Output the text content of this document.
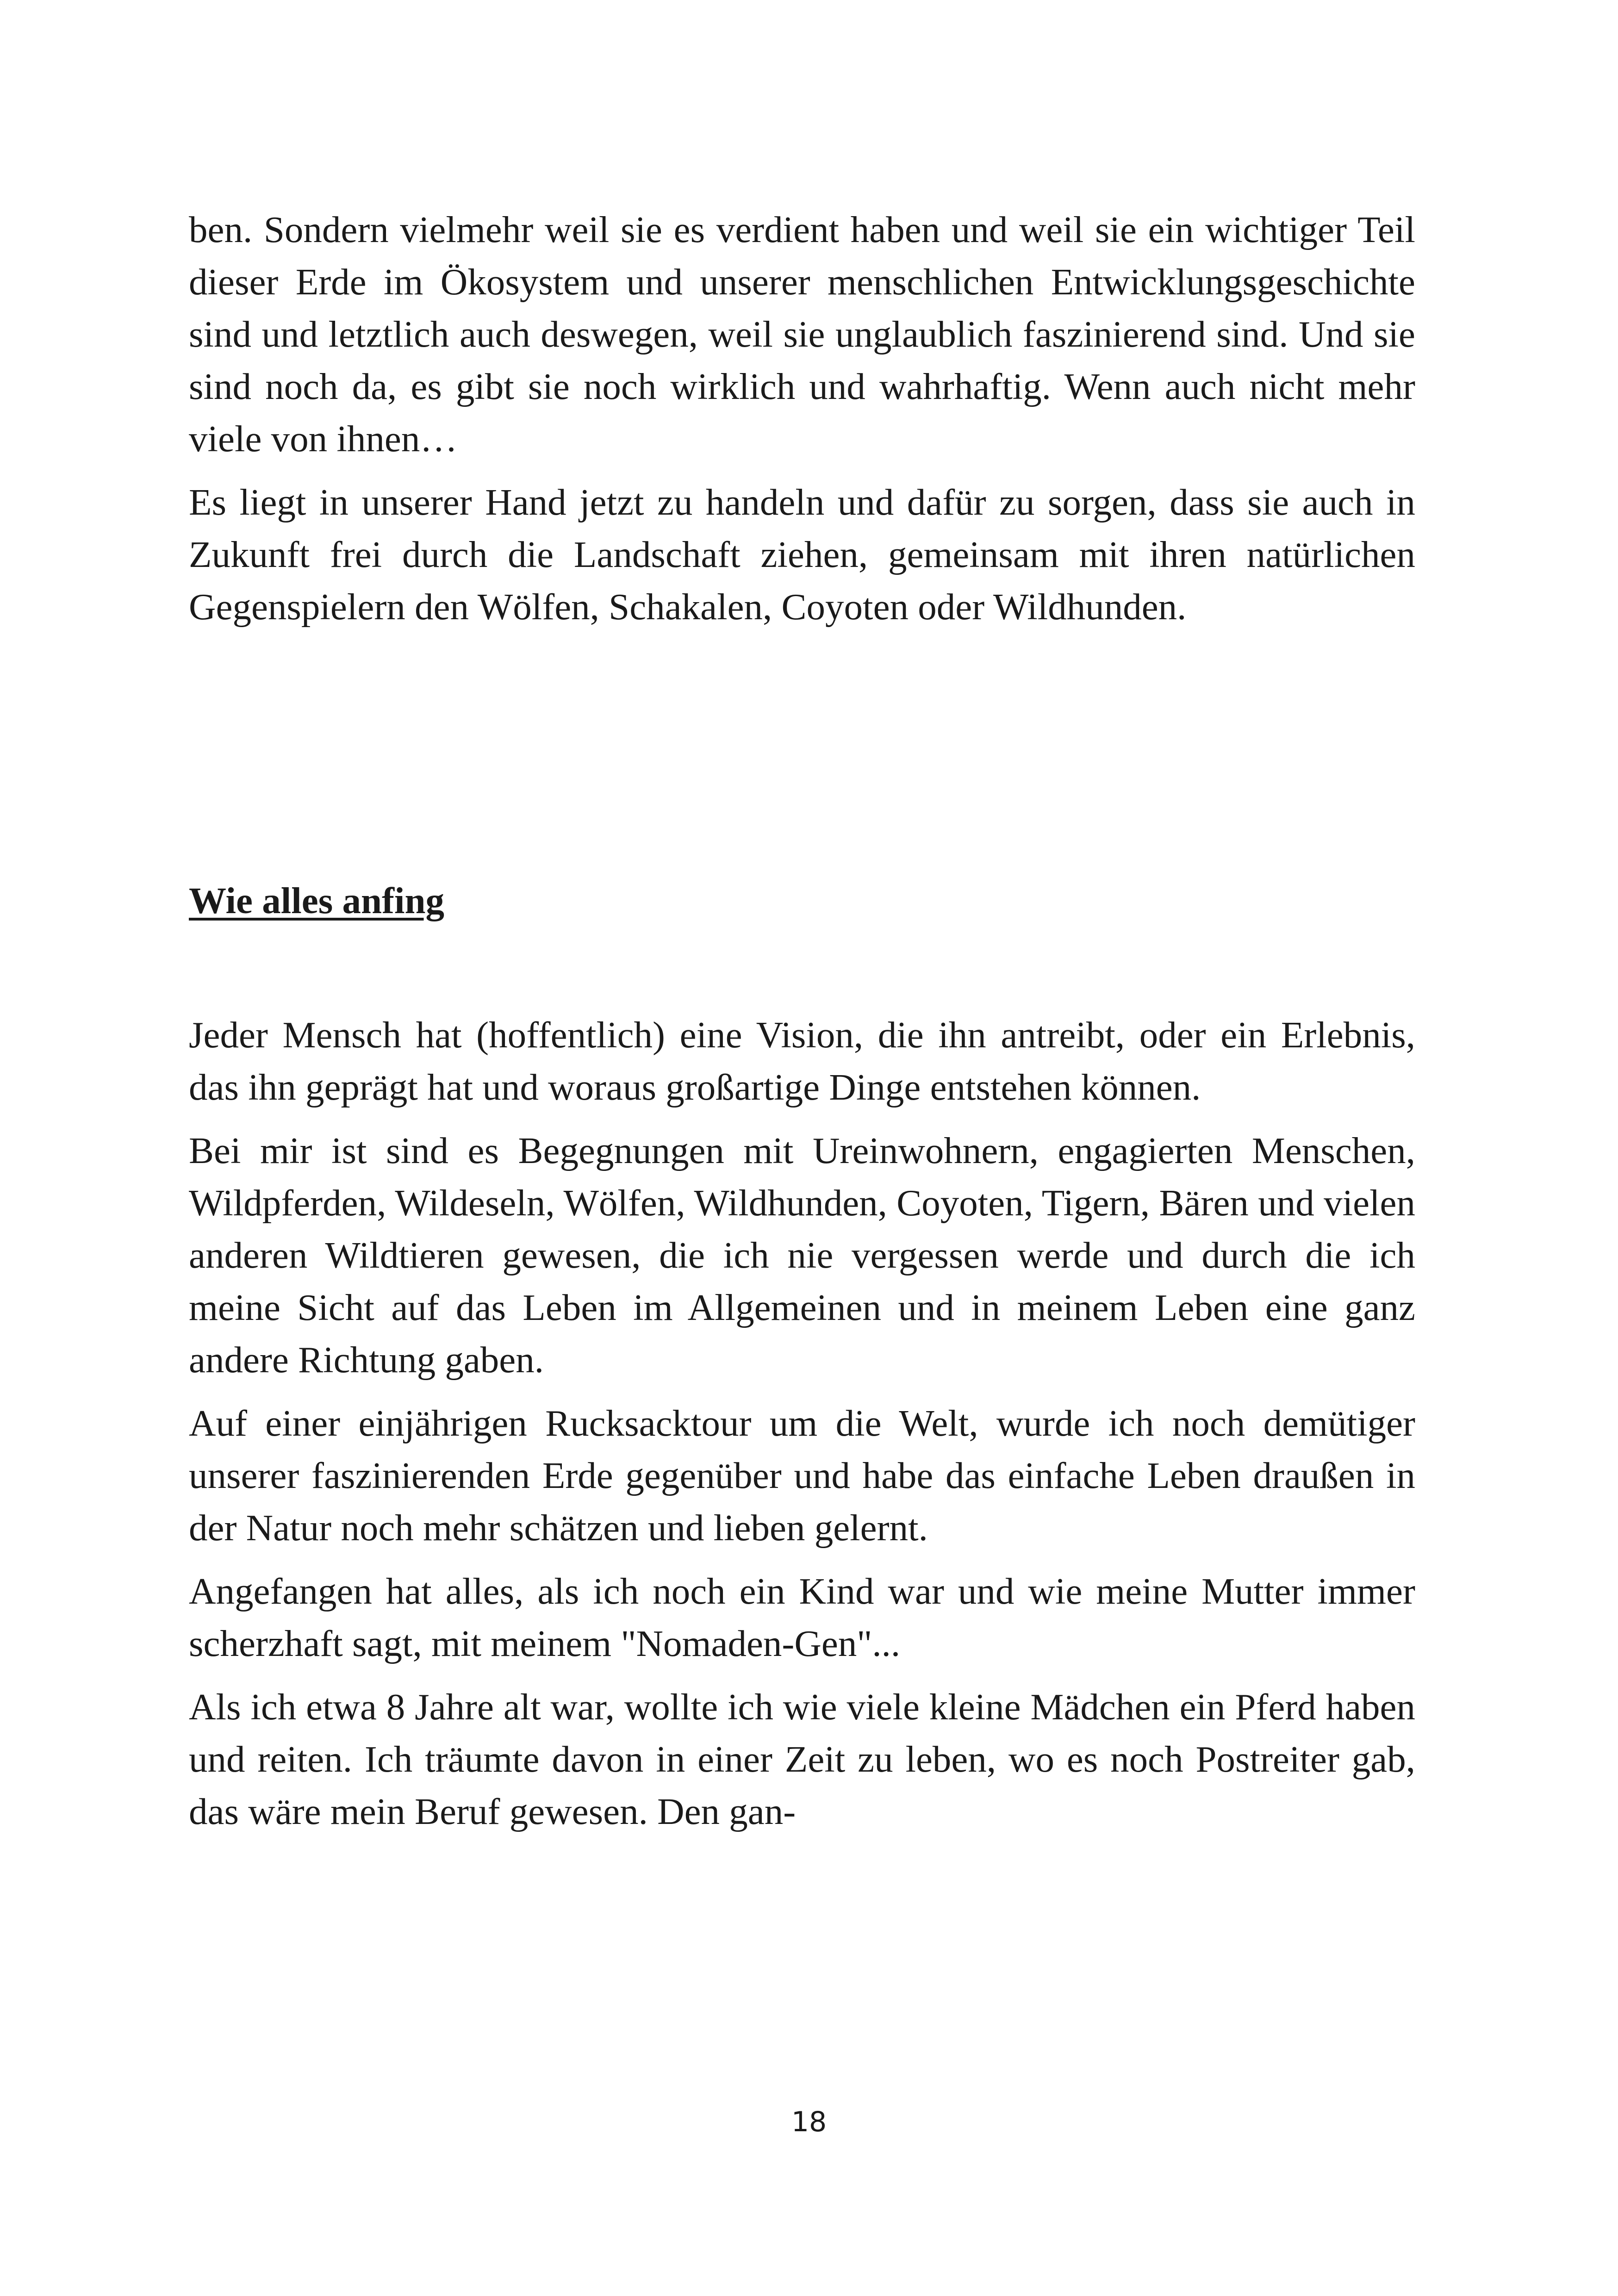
ben. Sondern vielmehr weil sie es verdient haben und weil sie ein wichtiger Teil dieser Erde im Ökosystem und unserer menschlichen Entwicklungsgeschichte sind und letztlich auch deswegen, weil sie unglaublich faszinierend sind. Und sie sind noch da, es gibt sie noch wirklich und wahrhaftig. Wenn auch nicht mehr viele von ihnen…

Es liegt in unserer Hand jetzt zu handeln und dafür zu sorgen, dass sie auch in Zukunft frei durch die Landschaft ziehen, gemeinsam mit ihren natürlichen Gegenspielern den Wölfen, Schakalen, Coyoten oder Wildhunden.

Wie alles anfing

Jeder Mensch hat (hoffentlich) eine Vision, die ihn antreibt, oder ein Erlebnis, das ihn geprägt hat und woraus großartige Dinge entstehen können.

Bei mir ist sind es Begegnungen mit Ureinwohnern, engagierten Menschen, Wildpferden, Wildeseln, Wölfen, Wildhunden, Coyoten, Tigern, Bären und vielen anderen Wildtieren gewesen, die ich nie vergessen werde und durch die ich meine Sicht auf das Leben im Allgemeinen und in meinem Leben eine ganz andere Richtung gaben.

Auf einer einjährigen Rucksacktour um die Welt, wurde ich noch demütiger unserer faszinierenden Erde gegenüber und habe das einfache Leben draußen in der Natur noch mehr schätzen und lieben gelernt.

Angefangen hat alles, als ich noch ein Kind war und wie meine Mutter immer scherzhaft sagt, mit meinem "Nomaden-Gen"...

Als ich etwa 8 Jahre alt war, wollte ich wie viele kleine Mädchen ein Pferd haben und reiten. Ich träumte davon in einer Zeit zu leben, wo es noch Postreiter gab, das wäre mein Beruf gewesen. Den gan-

18
